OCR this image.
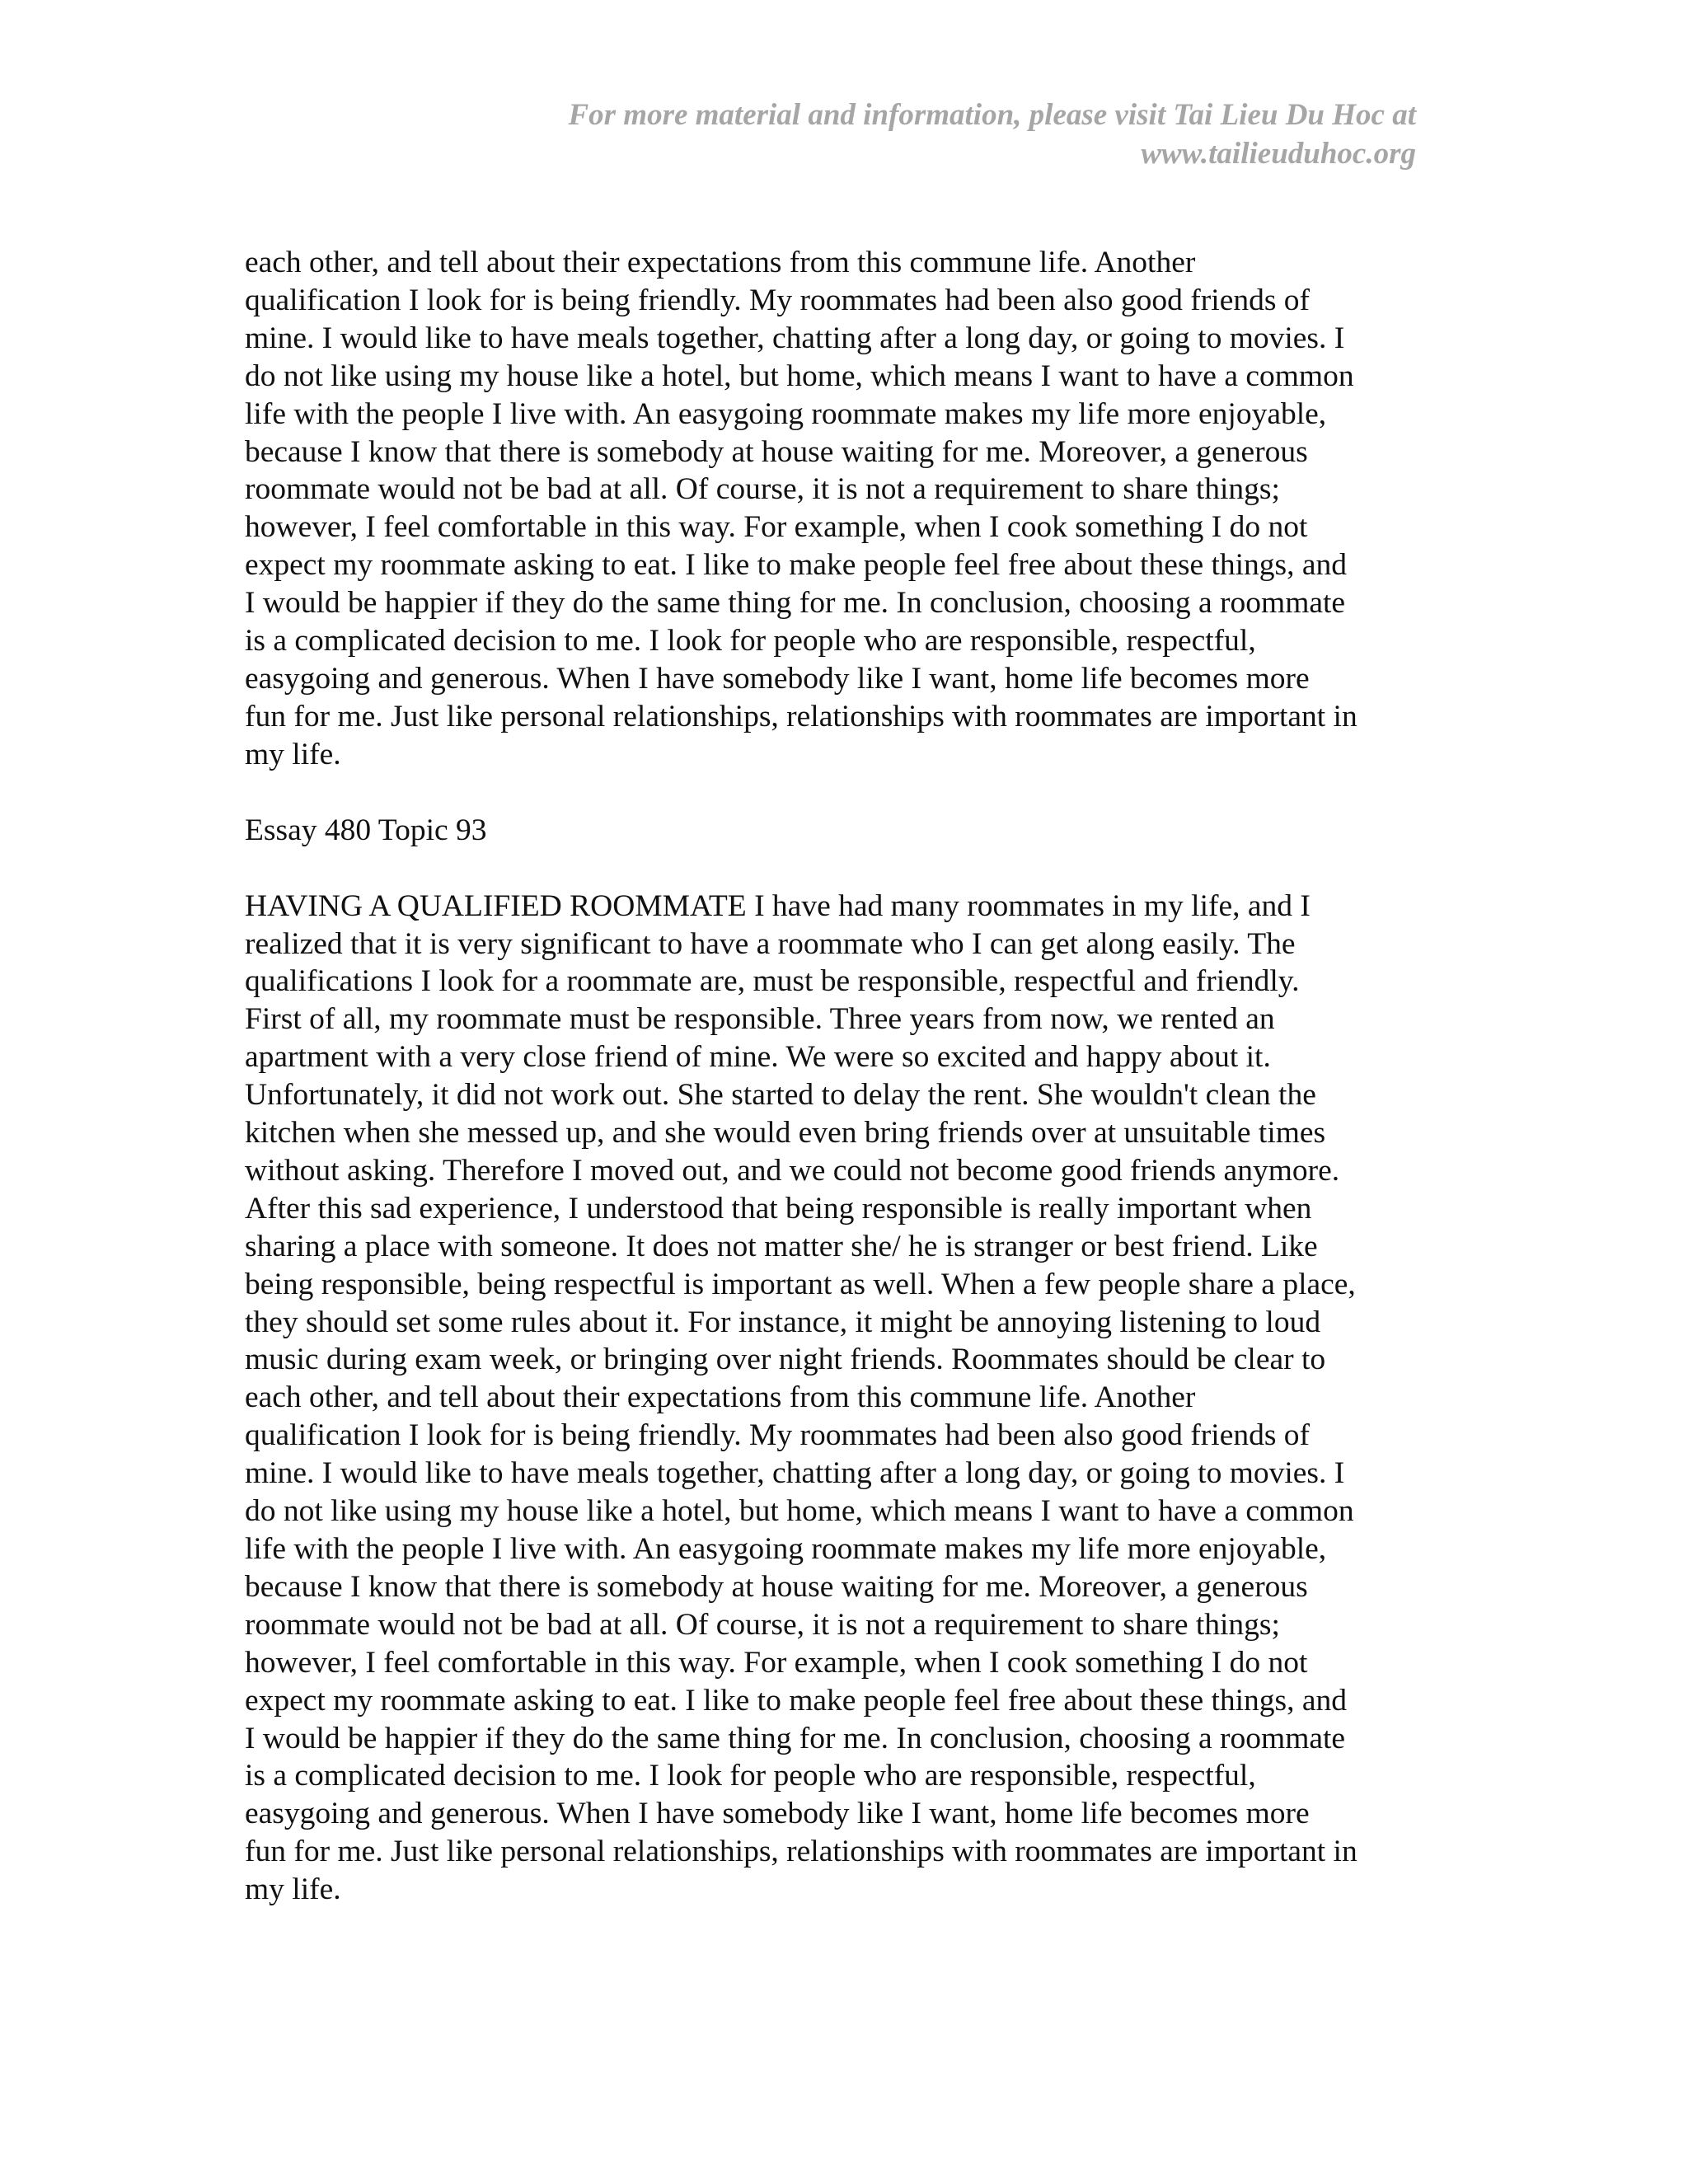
For more material and information, please visit Tai Lieu Du Hoc at
www.tailieuduhoc.org

each other, and tell about their expectations from this commune life. Another
qualification I look for is being friendly. My roommates had been also good friends of
mine. I would like to have meals together, chatting after a long day, or going to movies. I
do not like using my house like a hotel, but home, which means I want to have a common
life with the people I live with. An easygoing roommate makes my life more enjoyable,
because I know that there is somebody at house waiting for me. Moreover, a generous
roommate would not be bad at all. Of course, it is not a requirement to share things;
however, I feel comfortable in this way. For example, when I cook something I do not
expect my roommate asking to eat. I like to make people feel free about these things, and
I would be happier if they do the same thing for me. In conclusion, choosing a roommate
is a complicated decision to me. I look for people who are responsible, respectful,
easygoing and generous. When I have somebody like I want, home life becomes more
fun for me. Just like personal relationships, relationships with roommates are important in
my life.

Essay 480 Topic 93

HAVING A QUALIFIED ROOMMATE I have had many roommates in my life, and I
realized that it is very significant to have a roommate who I can get along easily. The
qualifications I look for a roommate are, must be responsible, respectful and friendly.
First of all, my roommate must be responsible. Three years from now, we rented an
apartment with a very close friend of mine. We were so excited and happy about it.
Unfortunately, it did not work out. She started to delay the rent. She wouldn't clean the
kitchen when she messed up, and she would even bring friends over at unsuitable times
without asking. Therefore I moved out, and we could not become good friends anymore.
After this sad experience, I understood that being responsible is really important when
sharing a place with someone. It does not matter she/ he is stranger or best friend. Like
being responsible, being respectful is important as well. When a few people share a place,
they should set some rules about it. For instance, it might be annoying listening to loud
music during exam week, or bringing over night friends. Roommates should be clear to
each other, and tell about their expectations from this commune life. Another
qualification I look for is being friendly. My roommates had been also good friends of
mine. I would like to have meals together, chatting after a long day, or going to movies. I
do not like using my house like a hotel, but home, which means I want to have a common
life with the people I live with. An easygoing roommate makes my life more enjoyable,
because I know that there is somebody at house waiting for me. Moreover, a generous
roommate would not be bad at all. Of course, it is not a requirement to share things;
however, I feel comfortable in this way. For example, when I cook something I do not
expect my roommate asking to eat. I like to make people feel free about these things, and
I would be happier if they do the same thing for me. In conclusion, choosing a roommate
is a complicated decision to me. I look for people who are responsible, respectful,
easygoing and generous. When I have somebody like I want, home life becomes more
fun for me. Just like personal relationships, relationships with roommates are important in
my life.
